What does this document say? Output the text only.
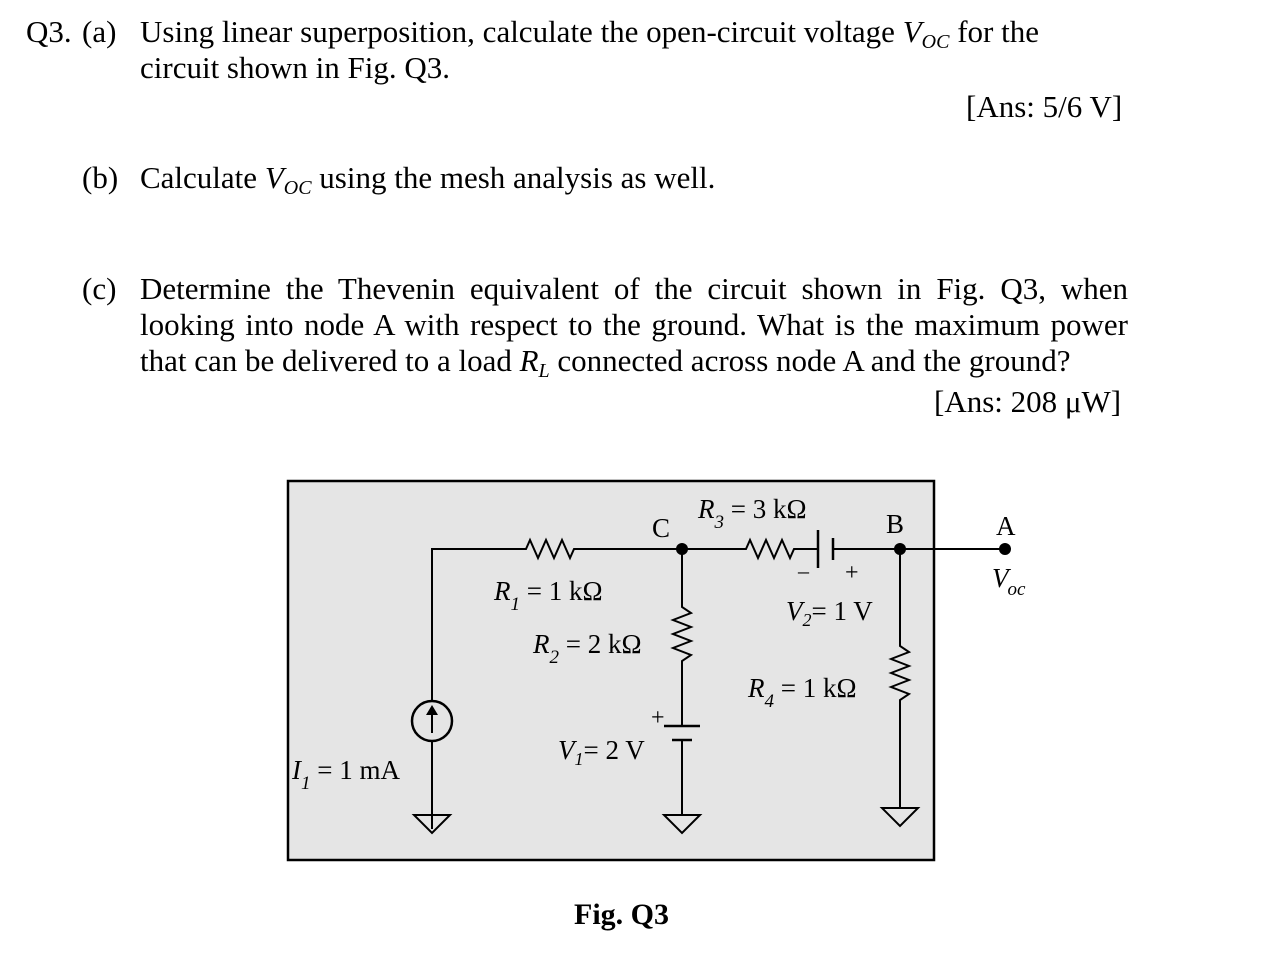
Q3. (a) Using linear superposition, calculate the open-circuit voltage VOC for the
circuit shown in Fig. Q3.
[Ans: 5/6 V]
(b) Calculate VOC using the mesh analysis as well.
(c) Determine the Thevenin equivalent of the circuit shown in Fig. Q3, when
looking into node A with respect to the ground. What is the maximum power
that can be delivered to a load RL connected across node A and the ground?
[Ans: 208 μW]
C	B	A
Voc
$R_1 = 1$ kΩ
$R_2 = 2$ kΩ
$R_3 = 3$ kΩ
$R_4 = 1$ kΩ
$I_1 = 1$ mA
$V_1= 2$ V
$V_2= 1$ V
+
+
–
Fig. Q3
